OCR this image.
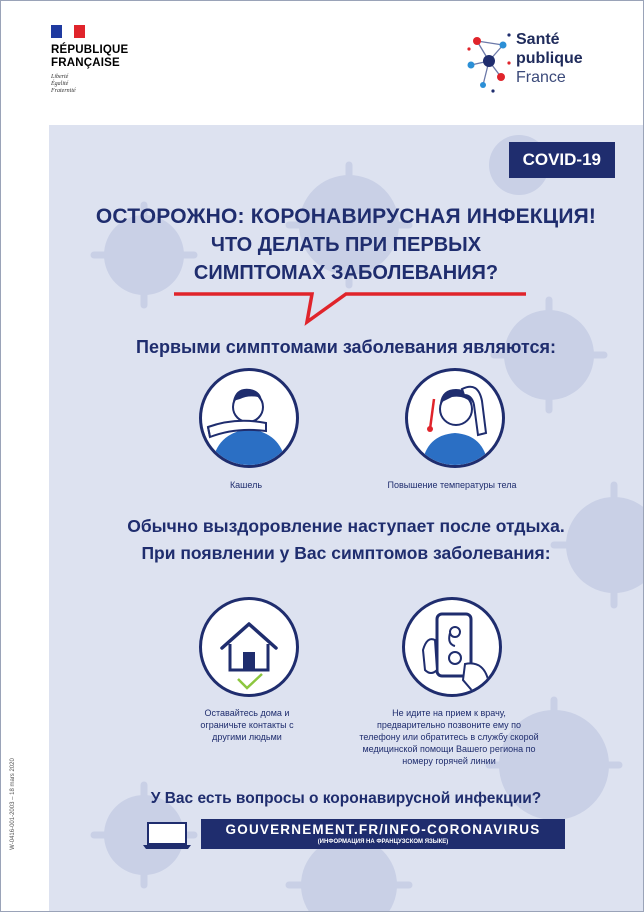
RÉPUBLIQUE
FRANÇAISE
Liberté
Égalité
Fraternité
Santé
publique
France
COVID-19
ОСТОРОЖНО: КОРОНАВИРУСНАЯ ИНФЕКЦИЯ!
ЧТО ДЕЛАТЬ ПРИ ПЕРВЫХ
СИМПТОМАХ ЗАБОЛЕВАНИЯ?
Первыми симптомами заболевания являются:
Кашель	Повышение температуры тела
Обычно выздоровление наступает после отдыха.
При появлении у Вас симптомов заболевания:
Оставайтесь дома и
ограничьте контакты с
другими людьми
Не идите на прием к врачу,
предварительно позвоните ему по
телефону или обратитесь в службу скорой
медицинской помощи Вашего региона по
номеру горячей линии
У Вас есть вопросы о коронавирусной инфекции?
GOUVERNEMENT.FR/INFO-CORONAVIRUS
(ИНФОРМАЦИЯ НА ФРАНЦУЗСКОМ ЯЗЫКЕ)
W-0416-001-2003 – 18 mars 2020
